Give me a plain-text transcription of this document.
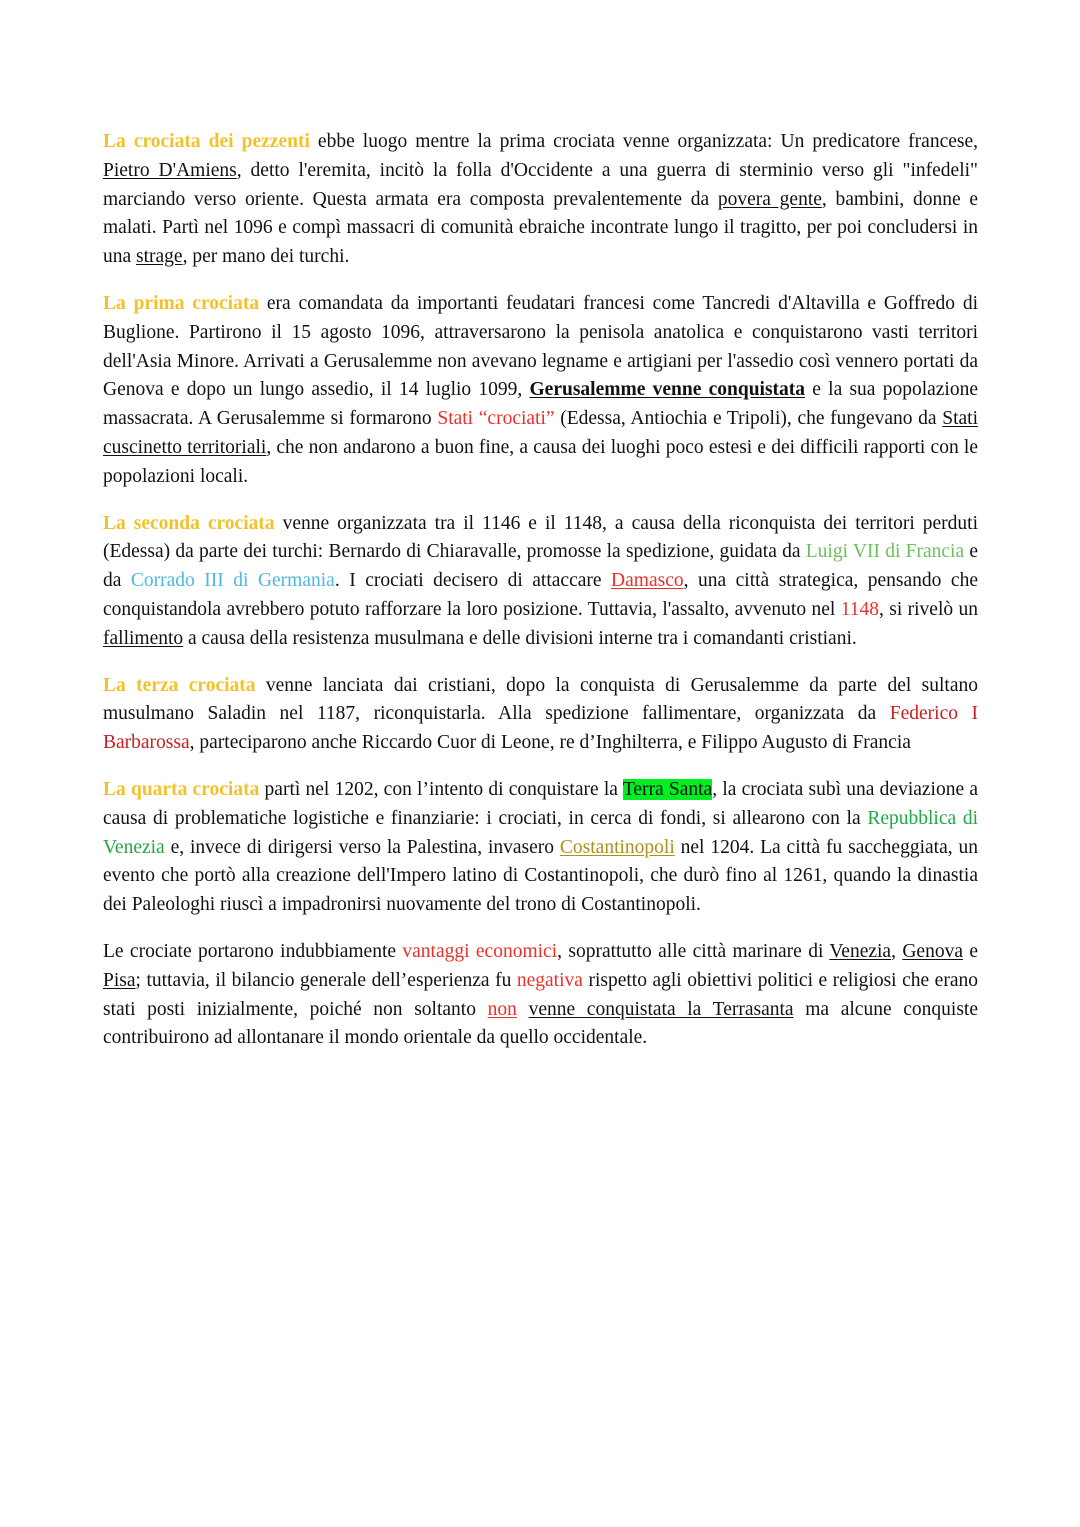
La crociata dei pezzenti ebbe luogo mentre la prima crociata venne organizzata: Un predicatore francese, Pietro D'Amiens, detto l'eremita, incitò la folla d'Occidente a una guerra di sterminio verso gli "infedeli" marciando verso oriente. Questa armata era composta prevalentemente da povera gente, bambini, donne e malati. Partì nel 1096 e compì massacri di comunità ebraiche incontrate lungo il tragitto, per poi concludersi in una strage, per mano dei turchi.

La prima crociata era comandata da importanti feudatari francesi come Tancredi d'Altavilla e Goffredo di Buglione. Partirono il 15 agosto 1096, attraversarono la penisola anatolica e conquistarono vasti territori dell'Asia Minore. Arrivati a Gerusalemme non avevano legname e artigiani per l'assedio così vennero portati da Genova e dopo un lungo assedio, il 14 luglio 1099, Gerusalemme venne conquistata e la sua popolazione massacrata. A Gerusalemme si formarono Stati “crociati” (Edessa, Antiochia e Tripoli), che fungevano da Stati cuscinetto territoriali, che non andarono a buon fine, a causa dei luoghi poco estesi e dei difficili rapporti con le popolazioni locali.

La seconda crociata venne organizzata tra il 1146 e il 1148, a causa della riconquista dei territori perduti (Edessa) da parte dei turchi: Bernardo di Chiaravalle, promosse la spedizione, guidata da Luigi VII di Francia e da Corrado III di Germania. I crociati decisero di attaccare Damasco, una città strategica, pensando che conquistandola avrebbero potuto rafforzare la loro posizione. Tuttavia, l'assalto, avvenuto nel 1148, si rivelò un fallimento a causa della resistenza musulmana e delle divisioni interne tra i comandanti cristiani.

La terza crociata venne lanciata dai cristiani, dopo la conquista di Gerusalemme da parte del sultano musulmano Saladin nel 1187, riconquistarla. Alla spedizione fallimentare, organizzata da Federico I Barbarossa, parteciparono anche Riccardo Cuor di Leone, re d’Inghilterra, e Filippo Augusto di Francia

La quarta crociata partì nel 1202, con l’intento di conquistare la Terra Santa, la crociata subì una deviazione a causa di problematiche logistiche e finanziarie: i crociati, in cerca di fondi, si allearono con la Repubblica di Venezia e, invece di dirigersi verso la Palestina, invasero Costantinopoli nel 1204. La città fu saccheggiata, un evento che portò alla creazione dell'Impero latino di Costantinopoli, che durò fino al 1261, quando la dinastia dei Paleologhi riuscì a impadronirsi nuovamente del trono di Costantinopoli.

Le crociate portarono indubbiamente vantaggi economici, soprattutto alle città marinare di Venezia, Genova e Pisa; tuttavia, il bilancio generale dell’esperienza fu negativa rispetto agli obiettivi politici e religiosi che erano stati posti inizialmente, poiché non soltanto non venne conquistata la Terrasanta ma alcune conquiste contribuirono ad allontanare il mondo orientale da quello occidentale.
